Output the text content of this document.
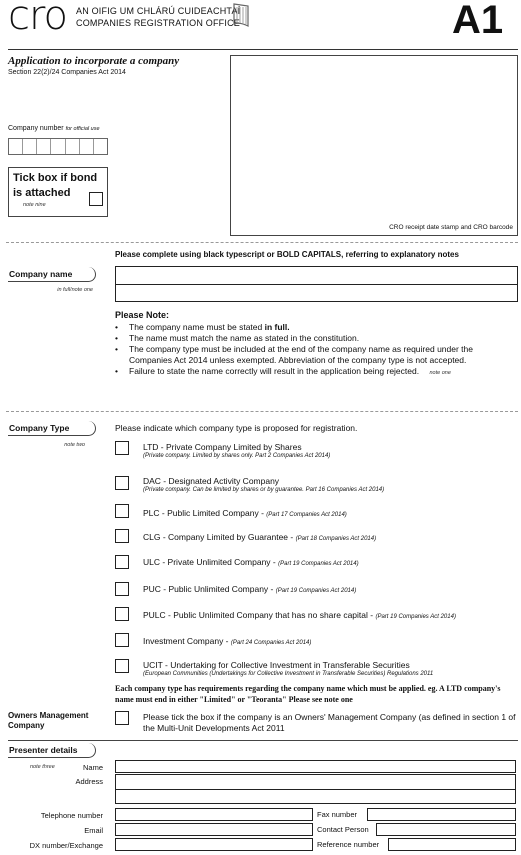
cro AN OIFIG UM CHLÁRÚ CUIDEACHTAÍ
COMPANIES REGISTRATION OFFICE	A1
Application to incorporate a company
Section 22(2)/24 Companies Act 2014
CRO receipt date stamp and CRO barcode
Company number for official use
Tick box if bond
is attached
note nine
Please complete using black typescript or BOLD CAPITALS, referring to explanatory notes
Company name
in full/note one
Please Note:
• The company name must be stated in full.
• The name must match the name as stated in the constitution.
• The company type must be included at the end of the company name as required under the Companies Act 2014 unless exempted. Abbreviation of the company type is not accepted.
• Failure to state the name correctly will result in the application being rejected. note one
Company Type
note two
Please indicate which company type is proposed for registration.
LTD - Private Company Limited by Shares
(Private company. Limited by shares only. Part 2 Companies Act 2014)
DAC - Designated Activity Company
(Private company. Can be limited by shares or by guarantee. Part 16 Companies Act 2014)
PLC - Public Limited Company - (Part 17 Companies Act 2014)
CLG - Company Limited by Guarantee - (Part 18 Companies Act 2014)
ULC - Private Unlimited Company - (Part 19 Companies Act 2014)
PUC - Public Unlimited Company - (Part 19 Companies Act 2014)
PULC - Public Unlimited Company that has no share capital - (Part 19 Companies Act 2014)
Investment Company - (Part 24 Companies Act 2014)
UCIT - Undertaking for Collective Investment in Transferable Securities
(European Communities (Undertakings for Collective Investment in Transferable Securities) Regulations 2011
Each company type has requirements regarding the company name which must be applied. eg. A LTD company's name must end in either "Limited" or "Teoranta" Please see note one
Owners Management
Company
Please tick the box if the company is an Owners' Management Company (as defined in section 1 of the Multi-Unit Developments Act 2011
Presenter details
note three	Name
Address
Telephone number	Fax number
Email	Contact Person
DX number/Exchange	Reference number
